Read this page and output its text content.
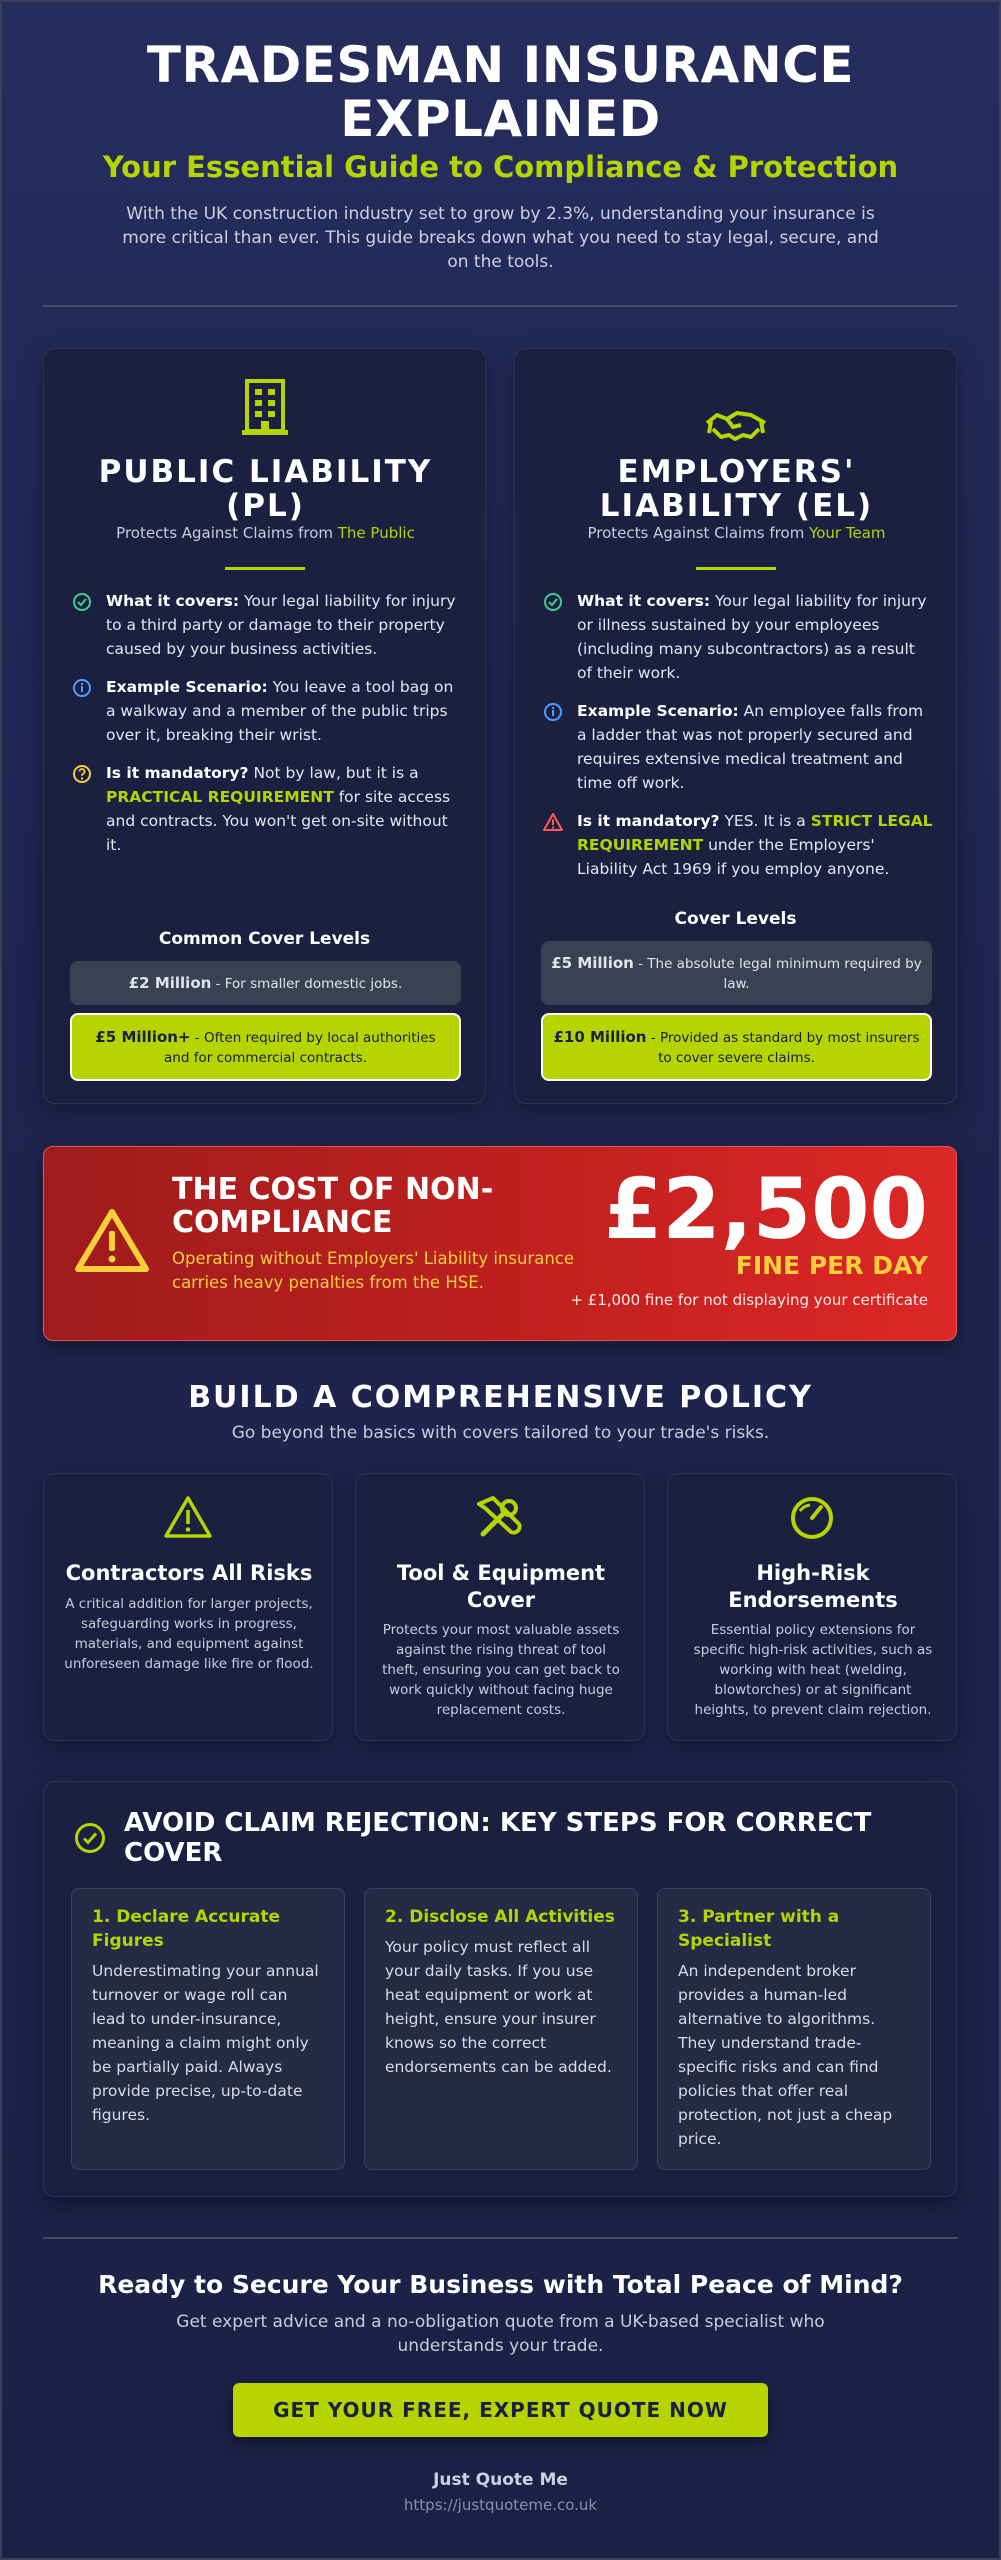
TRADESMAN INSURANCE
EXPLAINED
Your Essential Guide to Compliance & Protection

With the UK construction industry set to grow by 2.3%, understanding your insurance is more critical than ever. This guide breaks down what you need to stay legal, secure, and on the tools.

PUBLIC LIABILITY (PL)
Protects Against Claims from The Public
What it covers: Your legal liability for injury to a third party or damage to their property caused by your business activities.
Example Scenario: You leave a tool bag on a walkway and a member of the public trips over it, breaking their wrist.
Is it mandatory? Not by law, but it is a PRACTICAL REQUIREMENT for site access and contracts. You won't get on-site without it.
Common Cover Levels
£2 Million - For smaller domestic jobs.
£5 Million+ - Often required by local authorities and for commercial contracts.
EMPLOYERS' LIABILITY (EL)
Protects Against Claims from Your Team
What it covers: Your legal liability for injury or illness sustained by your employees (including many subcontractors) as a result of their work.
Example Scenario: An employee falls from a ladder that was not properly secured and requires extensive medical treatment and time off work.
Is it mandatory? YES. It is a STRICT LEGAL REQUIREMENT under the Employers' Liability Act 1969 if you employ anyone.
Cover Levels
£5 Million - The absolute legal minimum required by law.
£10 Million - Provided as standard by most insurers to cover severe claims.
THE COST OF NON-COMPLIANCE
Operating without Employers' Liability insurance carries heavy penalties from the HSE.
£2,500
FINE PER DAY
+ £1,000 fine for not displaying your certificate
BUILD A COMPREHENSIVE POLICY
Go beyond the basics with covers tailored to your trade's risks.
Contractors All Risks
A critical addition for larger projects, safeguarding works in progress, materials, and equipment against unforeseen damage like fire or flood.
Tool & Equipment Cover
Protects your most valuable assets against the rising threat of tool theft, ensuring you can get back to work quickly without facing huge replacement costs.
High-Risk Endorsements
Essential policy extensions for specific high-risk activities, such as working with heat (welding, blowtorches) or at significant heights, to prevent claim rejection.
AVOID CLAIM REJECTION: KEY STEPS FOR CORRECT COVER
1. Declare Accurate Figures
Underestimating your annual turnover or wage roll can lead to under-insurance, meaning a claim might only be partially paid. Always provide precise, up-to-date figures.
2. Disclose All Activities
Your policy must reflect all your daily tasks. If you use heat equipment or work at height, ensure your insurer knows so the correct endorsements can be added.
3. Partner with a Specialist
An independent broker provides a human-led alternative to algorithms. They understand trade-specific risks and can find policies that offer real protection, not just a cheap price.
Ready to Secure Your Business with Total Peace of Mind?
Get expert advice and a no-obligation quote from a UK-based specialist who understands your trade.
GET YOUR FREE, EXPERT QUOTE NOW
Just Quote Me
https://justquoteme.co.uk
